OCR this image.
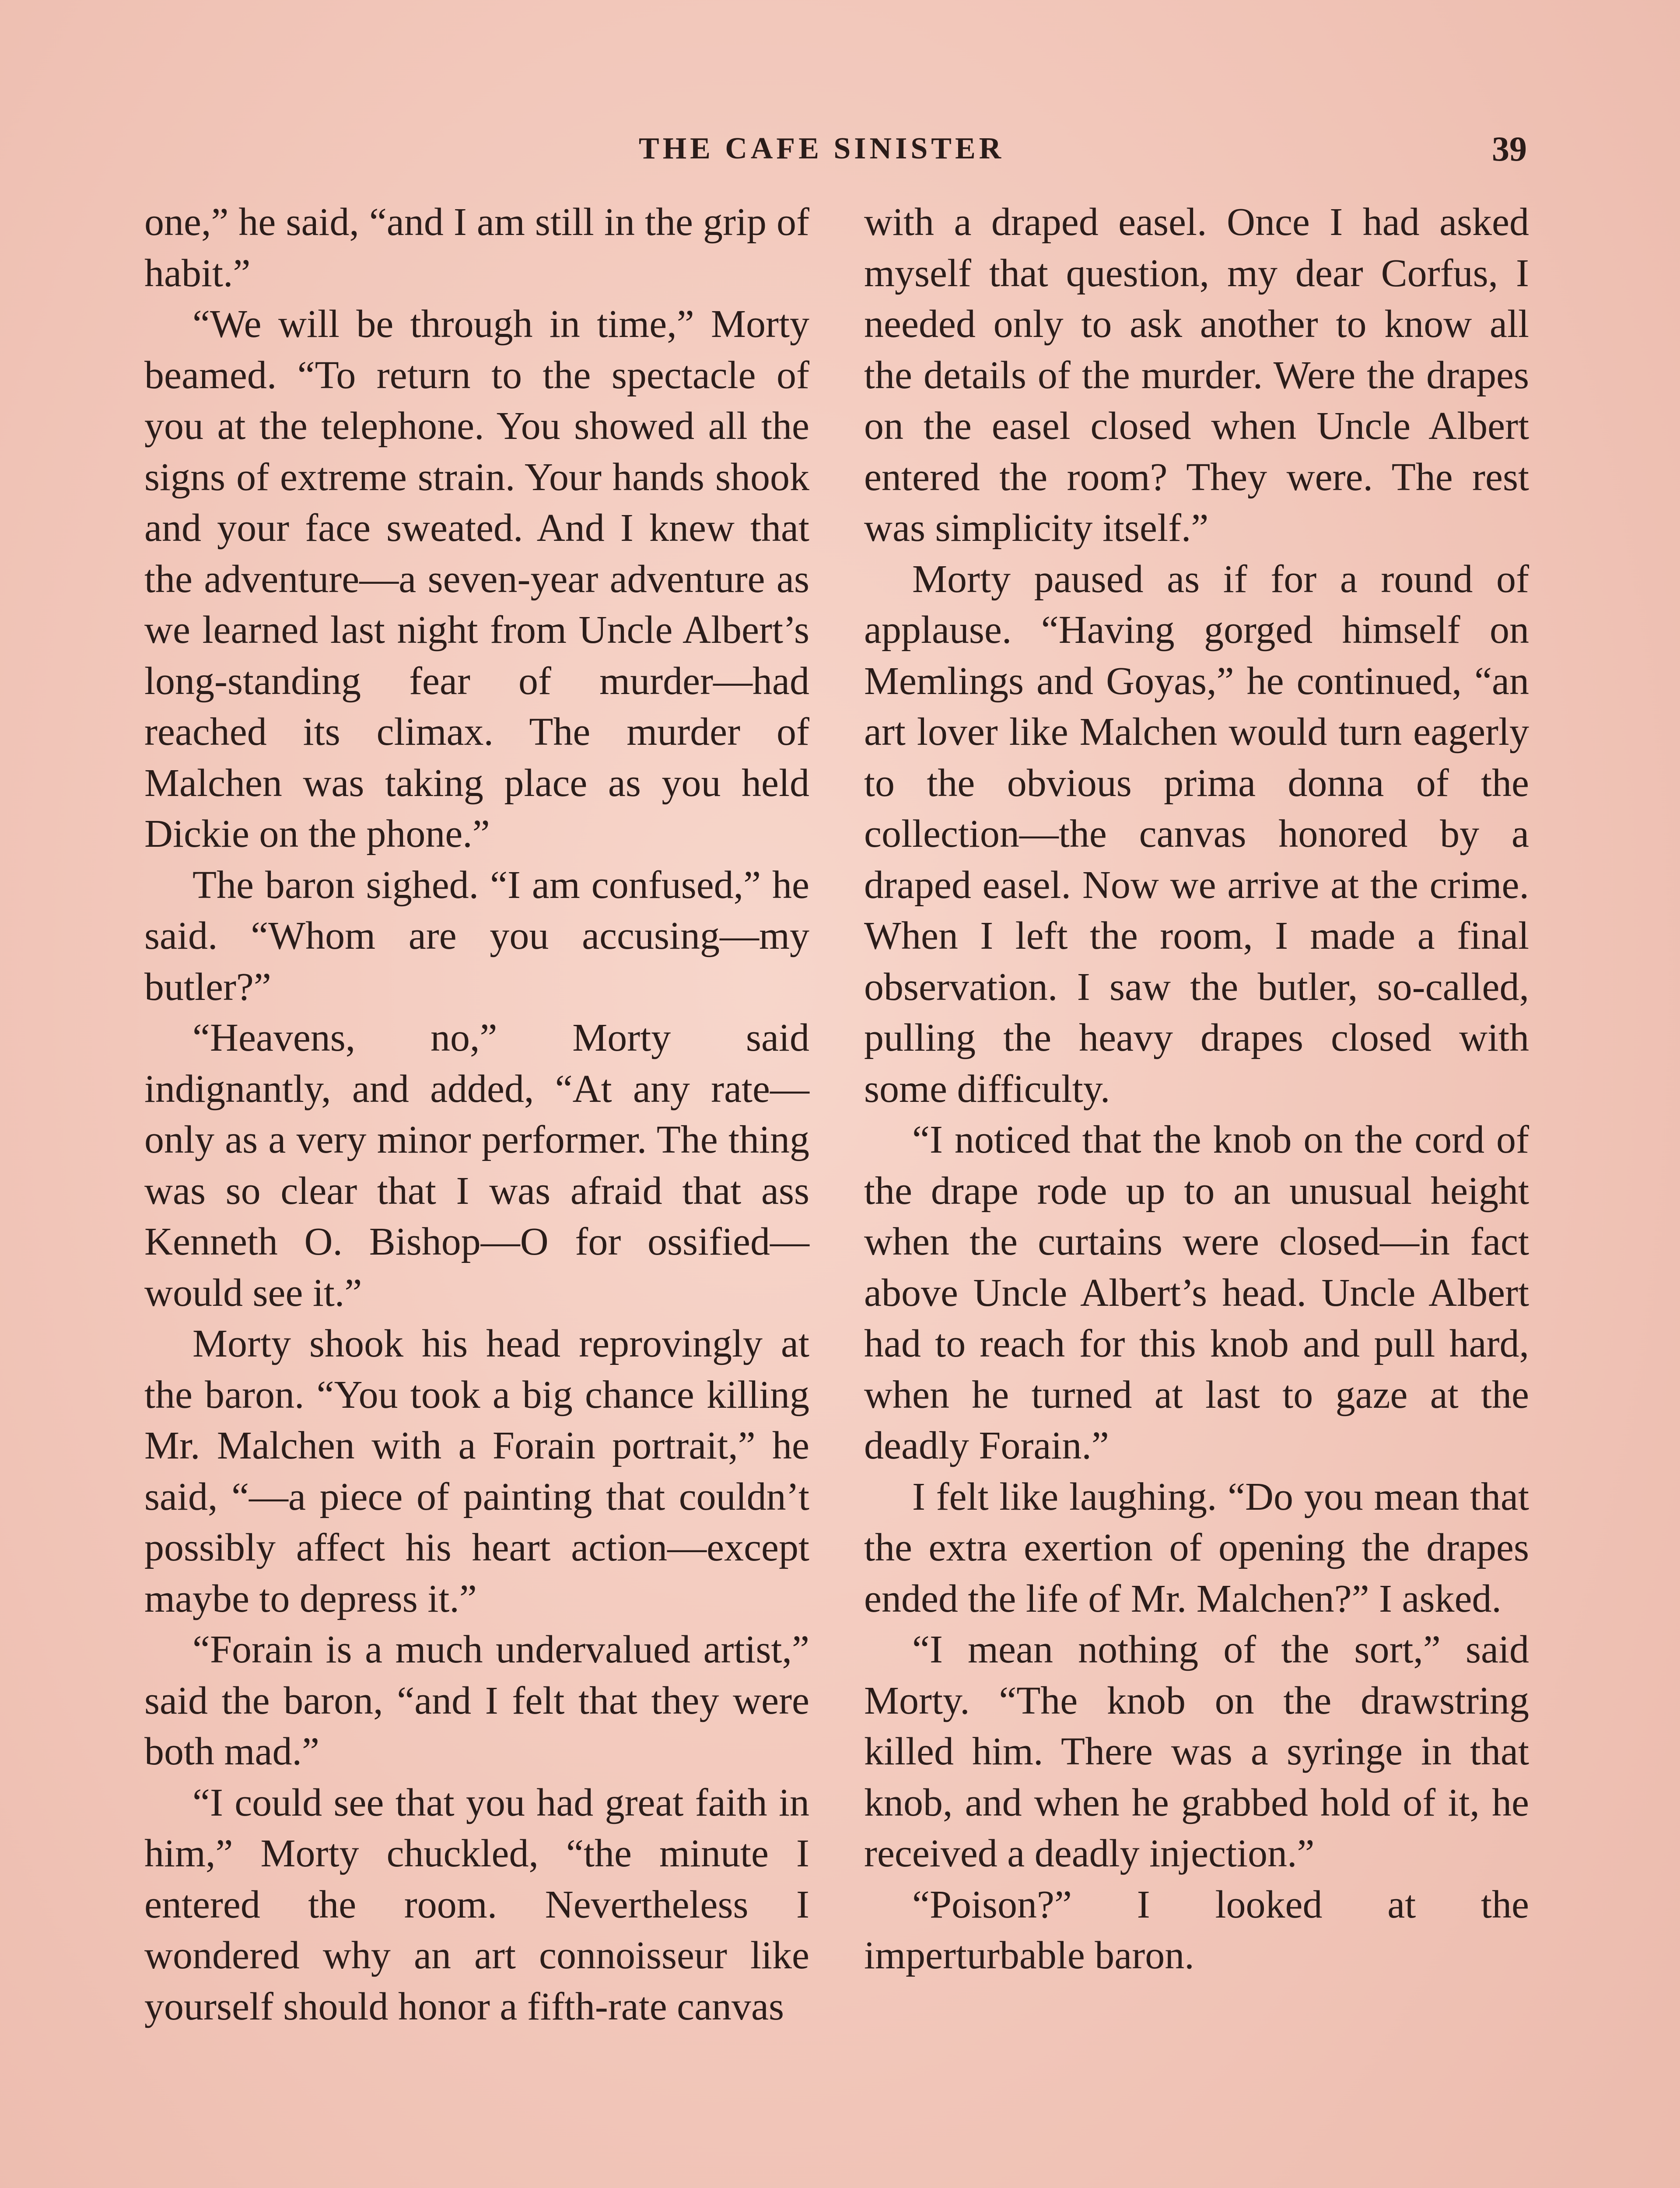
THE CAFE SINISTER	39

one,” he said, “and I am still in the grip of habit.”

“We will be through in time,” Morty beamed. “To return to the spectacle of you at the telephone. You showed all the signs of extreme strain. Your hands shook and your face sweated. And I knew that the adventure—a seven-year adventure as we learned last night from Uncle Albert’s long-standing fear of murder—had reached its climax. The murder of Malchen was taking place as you held Dickie on the phone.”

The baron sighed. “I am confused,” he said. “Whom are you accusing—my butler?”

“Heavens, no,” Morty said indignantly, and added, “At any rate—only as a very minor performer. The thing was so clear that I was afraid that ass Kenneth O. Bishop—O for ossified—would see it.”

Morty shook his head reprovingly at the baron. “You took a big chance killing Mr. Malchen with a Forain portrait,” he said, “—a piece of painting that couldn’t possibly affect his heart action—except maybe to depress it.”

“Forain is a much undervalued artist,” said the baron, “and I felt that they were both mad.”

“I could see that you had great faith in him,” Morty chuckled, “the minute I entered the room. Nevertheless I wondered why an art connoisseur like yourself should honor a fifth-rate canvas

with a draped easel. Once I had asked myself that question, my dear Corfus, I needed only to ask another to know all the details of the murder. Were the drapes on the easel closed when Uncle Albert entered the room? They were. The rest was simplicity itself.”

Morty paused as if for a round of applause. “Having gorged himself on Memlings and Goyas,” he continued, “an art lover like Malchen would turn eagerly to the obvious prima donna of the collection—the canvas honored by a draped easel. Now we arrive at the crime. When I left the room, I made a final observation. I saw the butler, so-called, pulling the heavy drapes closed with some difficulty.

“I noticed that the knob on the cord of the drape rode up to an unusual height when the curtains were closed—in fact above Uncle Albert’s head. Uncle Albert had to reach for this knob and pull hard, when he turned at last to gaze at the deadly Forain.”

I felt like laughing. “Do you mean that the extra exertion of opening the drapes ended the life of Mr. Malchen?” I asked.

“I mean nothing of the sort,” said Morty. “The knob on the drawstring killed him. There was a syringe in that knob, and when he grabbed hold of it, he received a deadly injection.”

“Poison?” I looked at the imperturbable baron.
